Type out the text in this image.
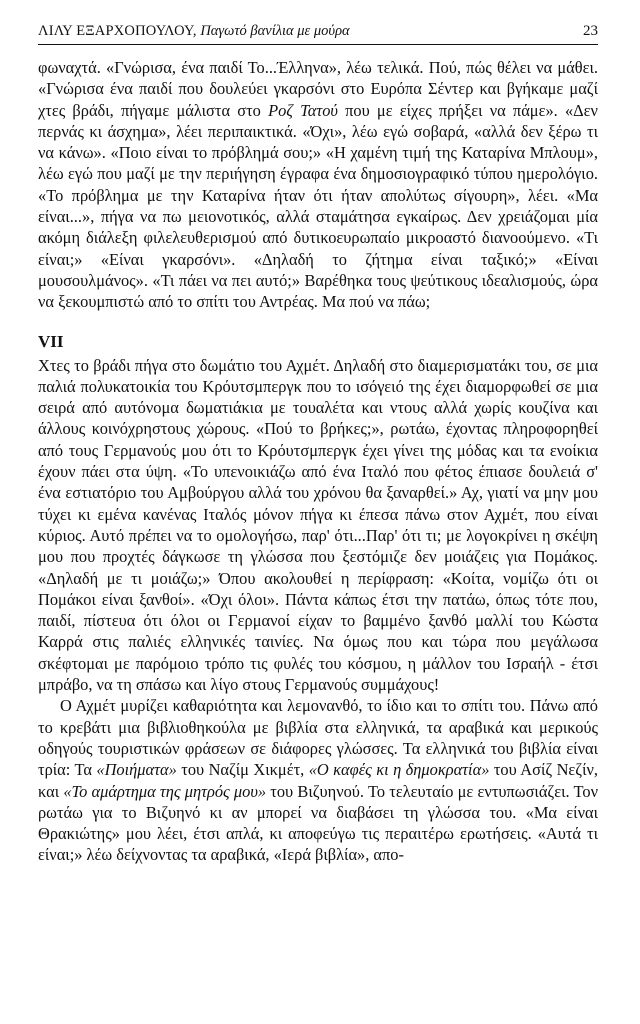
ΛΙΛΥ ΕΞΑΡΧΟΠΟΥΛΟΥ, Παγωτό βανίλια με μούρα	23

φωναχτά. «Γνώρισα, ένα παιδί Το...Έλληνα», λέω τελικά. Πού, πώς θέλει να μάθει. «Γνώρισα ένα παιδί που δουλεύει γκαρσόνι στο Ευρόπα Σέντερ και βγήκαμε μαζί χτες βράδι, πήγαμε μάλιστα στο Ροζ Τατού που με είχες πρήξει να πάμε». «Δεν περνάς κι άσχημα», λέει περιπαικτικά. «Όχι», λέω εγώ σοβαρά, «αλλά δεν ξέρω τι να κάνω». «Ποιο είναι το πρόβλημά σου;» «Η χαμένη τιμή της Καταρίνα Μπλουμ», λέω εγώ που μαζί με την περιήγηση έγραφα ένα δημοσιογραφικό τύπου ημερολόγιο. «Το πρόβλημα με την Καταρίνα ήταν ότι ήταν απολύτως σίγουρη», λέει. «Μα είναι...», πήγα να πω μειονοτικός, αλλά σταμάτησα εγκαίρως. Δεν χρειάζομαι μία ακόμη διάλεξη φιλελευθερισμού από δυτικοευρωπαίο μικροαστό διανοούμενο. «Τι είναι;» «Είναι γκαρσόνι». «Δηλαδή το ζήτημα είναι ταξικό;» «Είναι μουσουλμάνος». «Τι πάει να πει αυτό;» Βαρέθηκα τους ψεύτικους ιδεαλισμούς, ώρα να ξεκουμπιστώ από το σπίτι του Αντρέας. Μα πού να πάω;

VII

Χτες το βράδι πήγα στο δωμάτιο του Αχμέτ. Δηλαδή στο διαμερισματάκι του, σε μια παλιά πολυκατοικία του Κρόυτσμπεργκ που το ισόγειό της έχει διαμορφωθεί σε μια σειρά από αυτόνομα δωματιάκια με τουαλέτα και ντους αλλά χωρίς κουζίνα και άλλους κοινόχρηστους χώρους. «Πού το βρήκες;», ρωτάω, έχοντας πληροφορηθεί από τους Γερμανούς μου ότι το Κρόυτσμπεργκ έχει γίνει της μόδας και τα ενοίκια έχουν πάει στα ύψη. «Το υπενοικιάζω από ένα Ιταλό που φέτος έπιασε δουλειά σ' ένα εστιατόριο του Αμβούργου αλλά του χρόνου θα ξαναρθεί.» Αχ, γιατί να μην μου τύχει κι εμένα κανένας Ιταλός μόνον πήγα κι έπεσα πάνω στον Αχμέτ, που είναι κύριος. Αυτό πρέπει να το ομολογήσω, παρ' ότι...Παρ' ότι τι; με λογοκρίνει η σκέψη μου που προχτές δάγκωσε τη γλώσσα που ξεστόμιζε δεν μοιάζεις για Πομάκος. «Δηλαδή με τι μοιάζω;» Όπου ακολουθεί η περίφραση: «Κοίτα, νομίζω ότι οι Πομάκοι είναι ξανθοί». «Όχι όλοι». Πάντα κάπως έτσι την πατάω, όπως τότε που, παιδί, πίστευα ότι όλοι οι Γερμανοί είχαν το βαμμένο ξανθό μαλλί του Κώστα Καρρά στις παλιές ελληνικές ταινίες. Να όμως που και τώρα που μεγάλωσα σκέφτομαι με παρόμοιο τρόπο τις φυλές του κόσμου, η μάλλον του Ισραήλ - έτσι μπράβο, να τη σπάσω και λίγο στους Γερμανούς συμμάχους!

Ο Αχμέτ μυρίζει καθαριότητα και λεμονανθό, το ίδιο και το σπίτι του. Πάνω από το κρεβάτι μια βιβλιοθηκούλα με βιβλία στα ελληνικά, τα αραβικά και μερικούς οδηγούς τουριστικών φράσεων σε διάφορες γλώσσες. Τα ελληνικά του βιβλία είναι τρία: Τα «Ποιήματα» του Ναζίμ Χικμέτ, «Ο καφές κι η δημοκρατία» του Ασίζ Νεζίν, και «Το αμάρτημα της μητρός μου» του Βιζυηνού. Το τελευταίο με εντυπωσιάζει. Τον ρωτάω για το Βιζυηνό κι αν μπορεί να διαβάσει τη γλώσσα του. «Μα είναι Θρακιώτης» μου λέει, έτσι απλά, κι αποφεύγω τις περαιτέρω ερωτήσεις. «Αυτά τι είναι;» λέω δείχνοντας τα αραβικά, «Ιερά βιβλία», απο-
